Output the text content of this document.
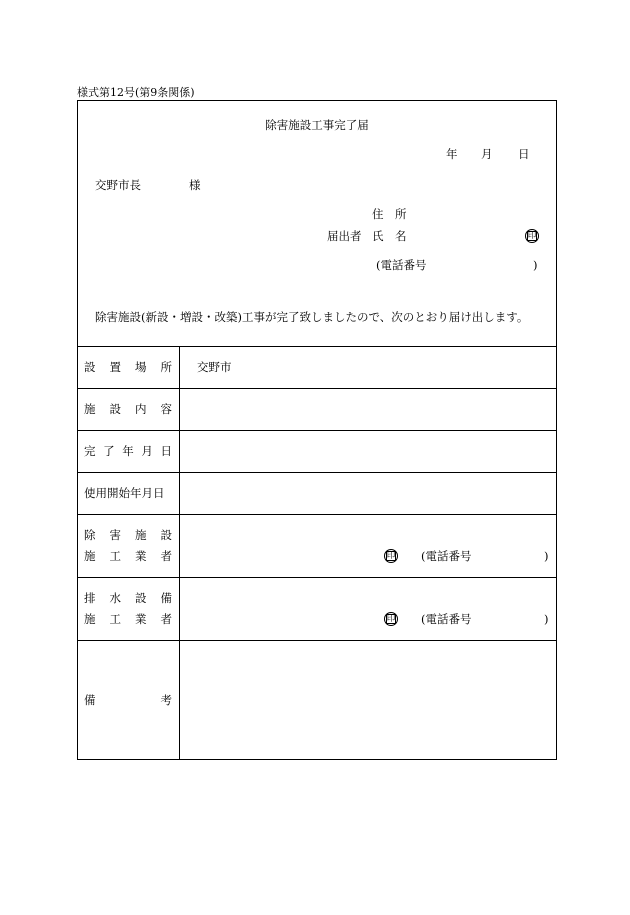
様式第12号(第9条関係)
除害施設工事完了届
年 月 日
交野市長	様
住　所
届出者 氏　名	印
(電話番号	)
除害施設(新設・増設・改築)工事が完了致しましたので、次のとおり届け出します。
設 置 場 所 交野市
施 設 内 容
完 了 年 月 日
使用開始年月日
除 害 施 設
施 工 業 者	印 (電話番号	)
排 水 設 備
施 工 業 者	印 (電話番号	)
備	考
